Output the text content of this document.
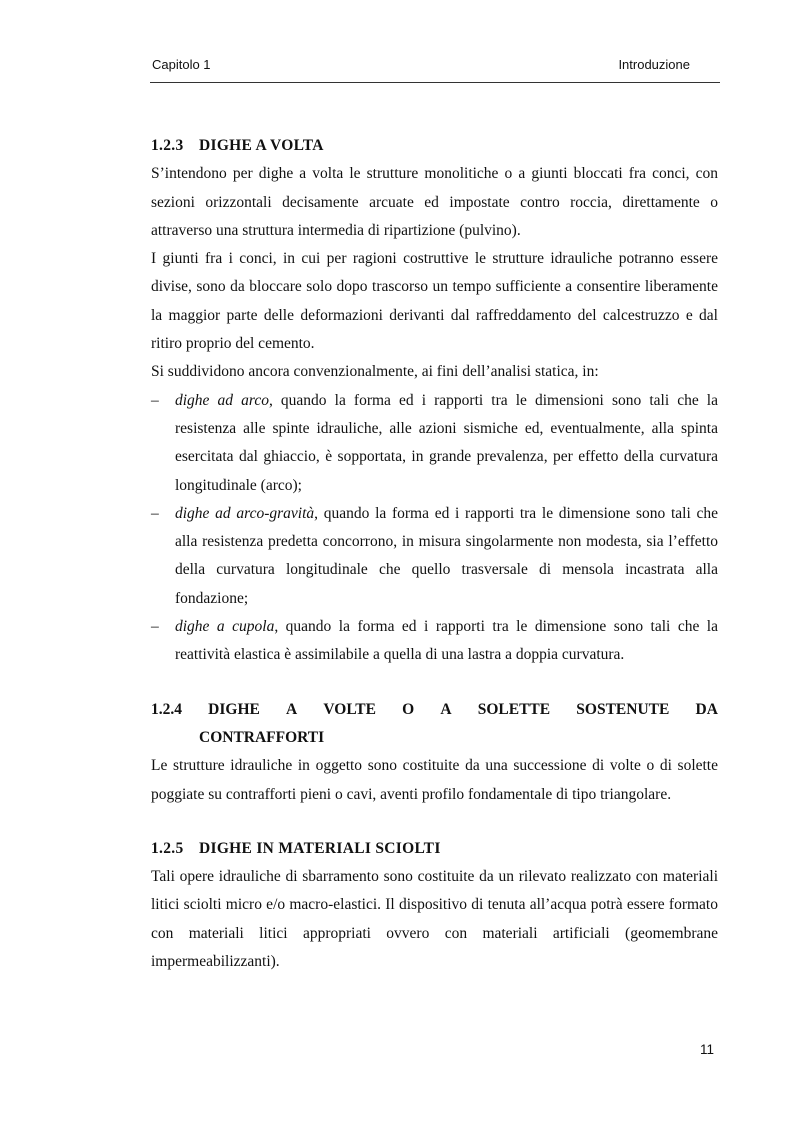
Capitolo 1	Introduzione
1.2.3 DIGHE A VOLTA

S’intendono per dighe a volta le strutture monolitiche o a giunti bloccati fra conci, con sezioni orizzontali decisamente arcuate ed impostate contro roccia, direttamente o attraverso una struttura intermedia di ripartizione (pulvino).

I giunti fra i conci, in cui per ragioni costruttive le strutture idrauliche potranno essere divise, sono da bloccare solo dopo trascorso un tempo sufficiente a consentire liberamente la maggior parte delle deformazioni derivanti dal raffreddamento del calcestruzzo e dal ritiro proprio del cemento.

Si suddividono ancora convenzionalmente, ai fini dell’analisi statica, in:

– dighe ad arco, quando la forma ed i rapporti tra le dimensioni sono tali che la resistenza alle spinte idrauliche, alle azioni sismiche ed, eventualmente, alla spinta esercitata dal ghiaccio, è sopportata, in grande prevalenza, per effetto della curvatura longitudinale (arco);
– dighe ad arco-gravità, quando la forma ed i rapporti tra le dimensione sono tali che alla resistenza predetta concorrono, in misura singolarmente non modesta, sia l’effetto della curvatura longitudinale che quello trasversale di mensola incastrata alla fondazione;
– dighe a cupola, quando la forma ed i rapporti tra le dimensione sono tali che la reattività elastica è assimilabile a quella di una lastra a doppia curvatura.
1.2.4 DIGHE A VOLTE O A SOLETTE SOSTENUTE DA
CONTRAFFORTI

Le strutture idrauliche in oggetto sono costituite da una successione di volte o di solette poggiate su contrafforti pieni o cavi, aventi profilo fondamentale di tipo triangolare.

1.2.5 DIGHE IN MATERIALI SCIOLTI

Tali opere idrauliche di sbarramento sono costituite da un rilevato realizzato con materiali litici sciolti micro e/o macro-elastici. Il dispositivo di tenuta all’acqua potrà essere formato con materiali litici appropriati ovvero con materiali artificiali (geomembrane impermeabilizzanti).

11
